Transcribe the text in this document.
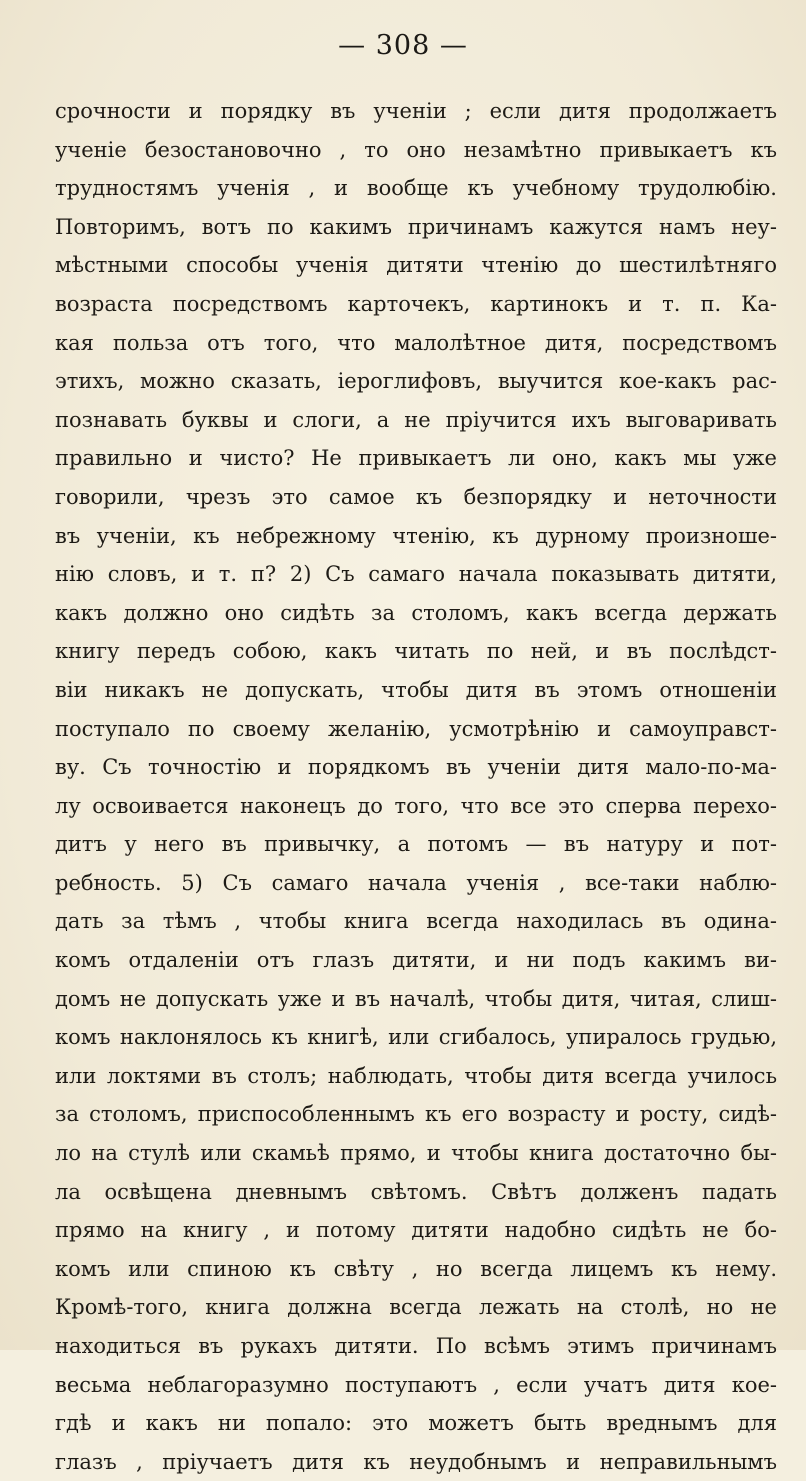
— 308 —
срочности и порядку въ ученіи ; если дитя продолжаетъ
ученіе безостановочно , то оно незамѣтно привыкаетъ къ
трудностямъ ученія , и вообще къ учебному трудолюбію.
Повторимъ, вотъ по какимъ причинамъ кажутся намъ неу-
мѣстными способы ученія дитяти чтенію до шестилѣтняго
возраста посредствомъ карточекъ, картинокъ и т. п. Ка-
кая польза отъ того, что малолѣтное дитя, посредствомъ
этихъ, можно сказать, іероглифовъ, выучится кое-какъ рас-
познавать буквы и слоги, а не пріучится ихъ выговаривать
правильно и чисто? Не привыкаетъ ли оно, какъ мы уже
говорили, чрезъ это самое къ безпорядку и неточности
въ ученіи, къ небрежному чтенію, къ дурному произноше-
нію словъ, и т. п? 2) Съ самаго начала показывать дитяти,
какъ должно оно сидѣть за столомъ, какъ всегда держать
книгу передъ собою, какъ читать по ней, и въ послѣдст-
віи никакъ не допускать, чтобы дитя въ этомъ отношеніи
поступало по своему желанію, усмотрѣнію и самоуправст-
ву. Съ точностію и порядкомъ въ ученіи дитя мало-по-ма-
лу освоивается наконецъ до того, что все это сперва перехо-
дитъ у него въ привычку, а потомъ — въ натуру и пот-
ребность. 5) Съ самаго начала ученія , все-таки наблю-
дать за тѣмъ , чтобы книга всегда находилась въ одина-
комъ отдаленіи отъ глазъ дитяти, и ни подъ какимъ ви-
домъ не допускать уже и въ началѣ, чтобы дитя, читая, слиш-
комъ наклонялось къ книгѣ, или сгибалось, упиралось грудью,
или локтями въ столъ; наблюдать, чтобы дитя всегда училось
за столомъ, приспособленнымъ къ его возрасту и росту, сидѣ-
ло на стулѣ или скамьѣ прямо, и чтобы книга достаточно бы-
ла освѣщена дневнымъ свѣтомъ. Свѣтъ долженъ падать
прямо на книгу , и потому дитяти надобно сидѣть не бо-
комъ или спиною къ свѣту , но всегда лицемъ къ нему.
Кромѣ-того, книга должна всегда лежать на столѣ, но не
находиться въ рукахъ дитяти. По всѣмъ этимъ причинамъ
весьма неблагоразумно поступаютъ , если учатъ дитя кое-
гдѣ и какъ ни попало: это можетъ быть вреднымъ для
глазъ , пріучаетъ дитя къ неудобнымъ и неправильнымъ
